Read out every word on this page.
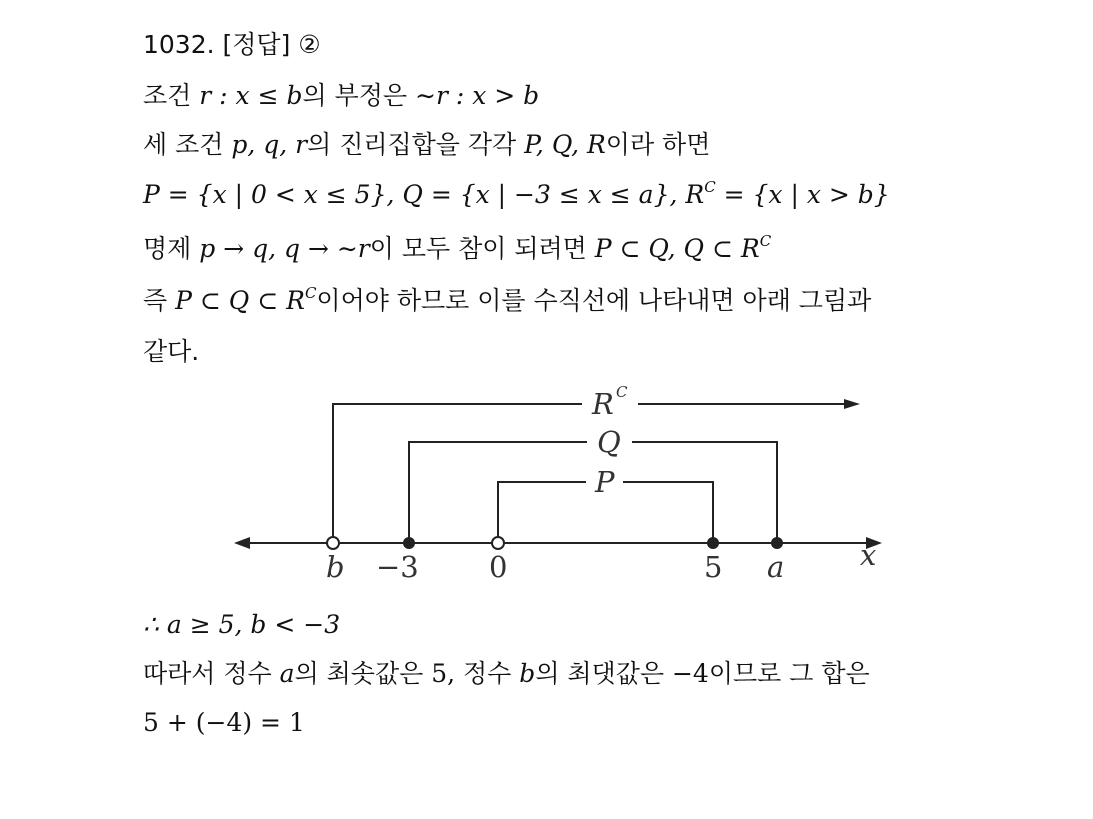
1032. [정답] ②
조건 r : x ≤ b의 부정은 ∼r : x > b
세 조건 p, q, r의 진리집합을 각각 P, Q, R이라 하면
P = {x | 0 < x ≤ 5}, Q = {x | −3 ≤ x ≤ a}, $R^C = \{x$ | x > b}
명제 p → q, q → ∼r이 모두 참이 되려면 P ⊂ Q, Q ⊂ $R^C$
즉 P ⊂ Q ⊂ $R^C$이어야 하므로 이를 수직선에 나타내면 아래 그림과
같다.
R C
Q
P
b −3 0	5 a	x
∴ a ≥ 5, b < −3
따라서 정수 a의 최솟값은 5, 정수 b의 최댓값은 −4이므로 그 합은
5 + (−4) = 1
